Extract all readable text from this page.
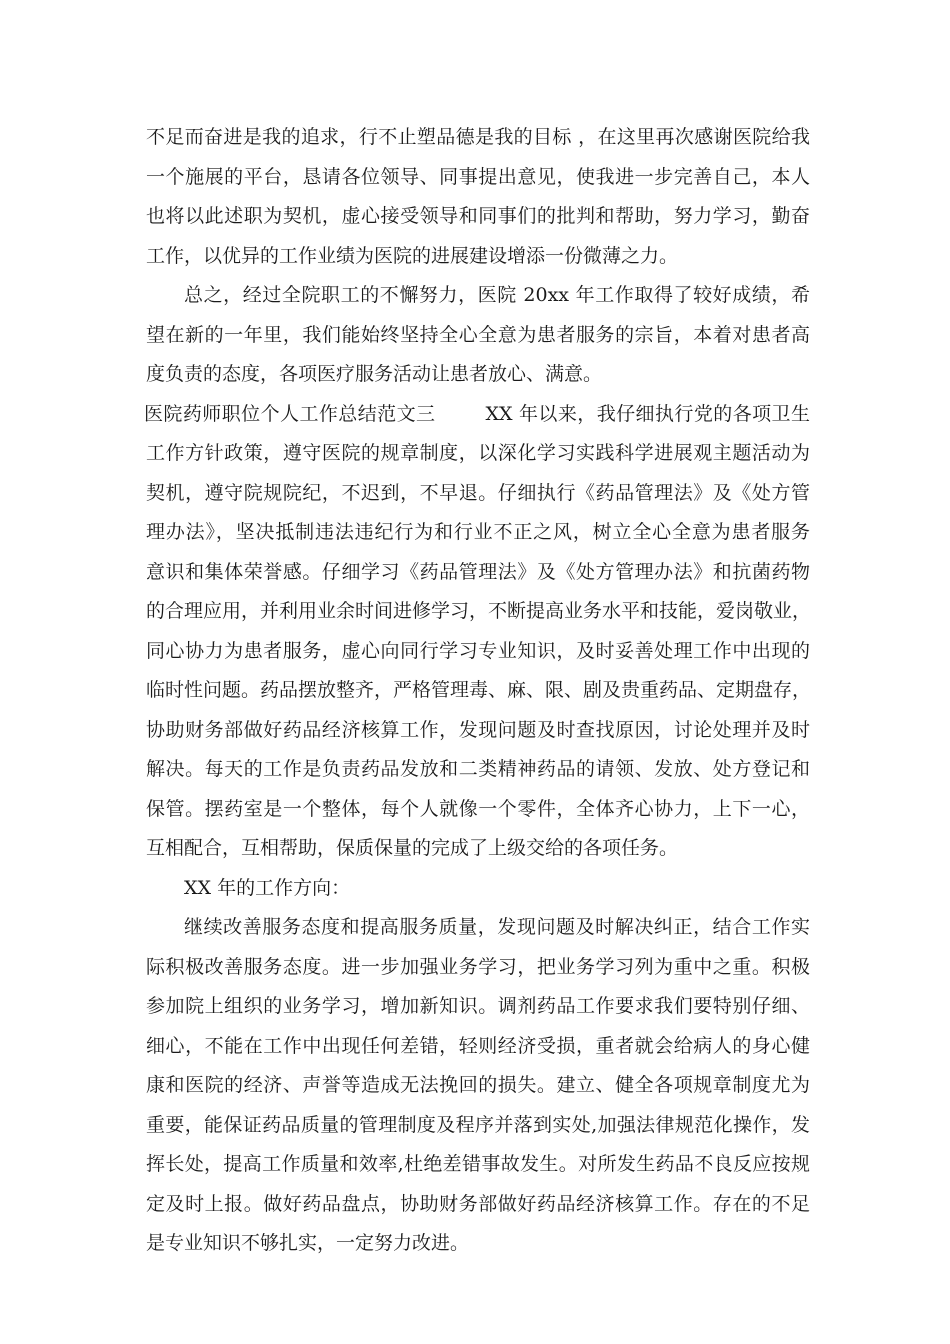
不足而奋进是我的追求，行不止塑品德是我的目标 ，在这里再次感谢医院给我
一个施展的平台，恳请各位领导、同事提出意见，使我进一步完善自己，本人
也将以此述职为契机，虚心接受领导和同事们的批判和帮助，努力学习，勤奋
工作，以优异的工作业绩为医院的进展建设增添一份微薄之力。
总之，经过全院职工的不懈努力，医院 20xx 年工作取得了较好成绩，希
望在新的一年里，我们能始终坚持全心全意为患者服务的宗旨，本着对患者高
度负责的态度，各项医疗服务活动让患者放心、满意。
医院药师职位个人工作总结范文三	XX 年以来，我仔细执行党的各项卫生
工作方针政策，遵守医院的规章制度，以深化学习实践科学进展观主题活动为
契机，遵守院规院纪，不迟到，不早退。仔细执行《药品管理法》及《处方管
理办法》，坚决抵制违法违纪行为和行业不正之风，树立全心全意为患者服务
意识和集体荣誉感。仔细学习《药品管理法》及《处方管理办法》和抗菌药物
的合理应用，并利用业余时间进修学习，不断提高业务水平和技能，爱岗敬业，
同心协力为患者服务，虚心向同行学习专业知识，及时妥善处理工作中出现的
临时性问题。药品摆放整齐，严格管理毒、麻、限、剧及贵重药品、定期盘存，
协助财务部做好药品经济核算工作，发现问题及时查找原因，讨论处理并及时
解决。每天的工作是负责药品发放和二类精神药品的请领、发放、处方登记和
保管。摆药室是一个整体，每个人就像一个零件，全体齐心协力，上下一心，
互相配合，互相帮助，保质保量的完成了上级交给的各项任务。
XX 年的工作方向：
继续改善服务态度和提高服务质量，发现问题及时解决纠正，结合工作实
际积极改善服务态度。进一步加强业务学习，把业务学习列为重中之重。积极
参加院上组织的业务学习，增加新知识。调剂药品工作要求我们要特别仔细、
细心，不能在工作中出现任何差错，轻则经济受损，重者就会给病人的身心健
康和医院的经济、声誉等造成无法挽回的损失。建立、健全各项规章制度尤为
重要，能保证药品质量的管理制度及程序并落到实处,加强法律规范化操作，发
挥长处，提高工作质量和效率,杜绝差错事故发生。对所发生药品不良反应按规
定及时上报。做好药品盘点，协助财务部做好药品经济核算工作。存在的不足
是专业知识不够扎实，一定努力改进。
